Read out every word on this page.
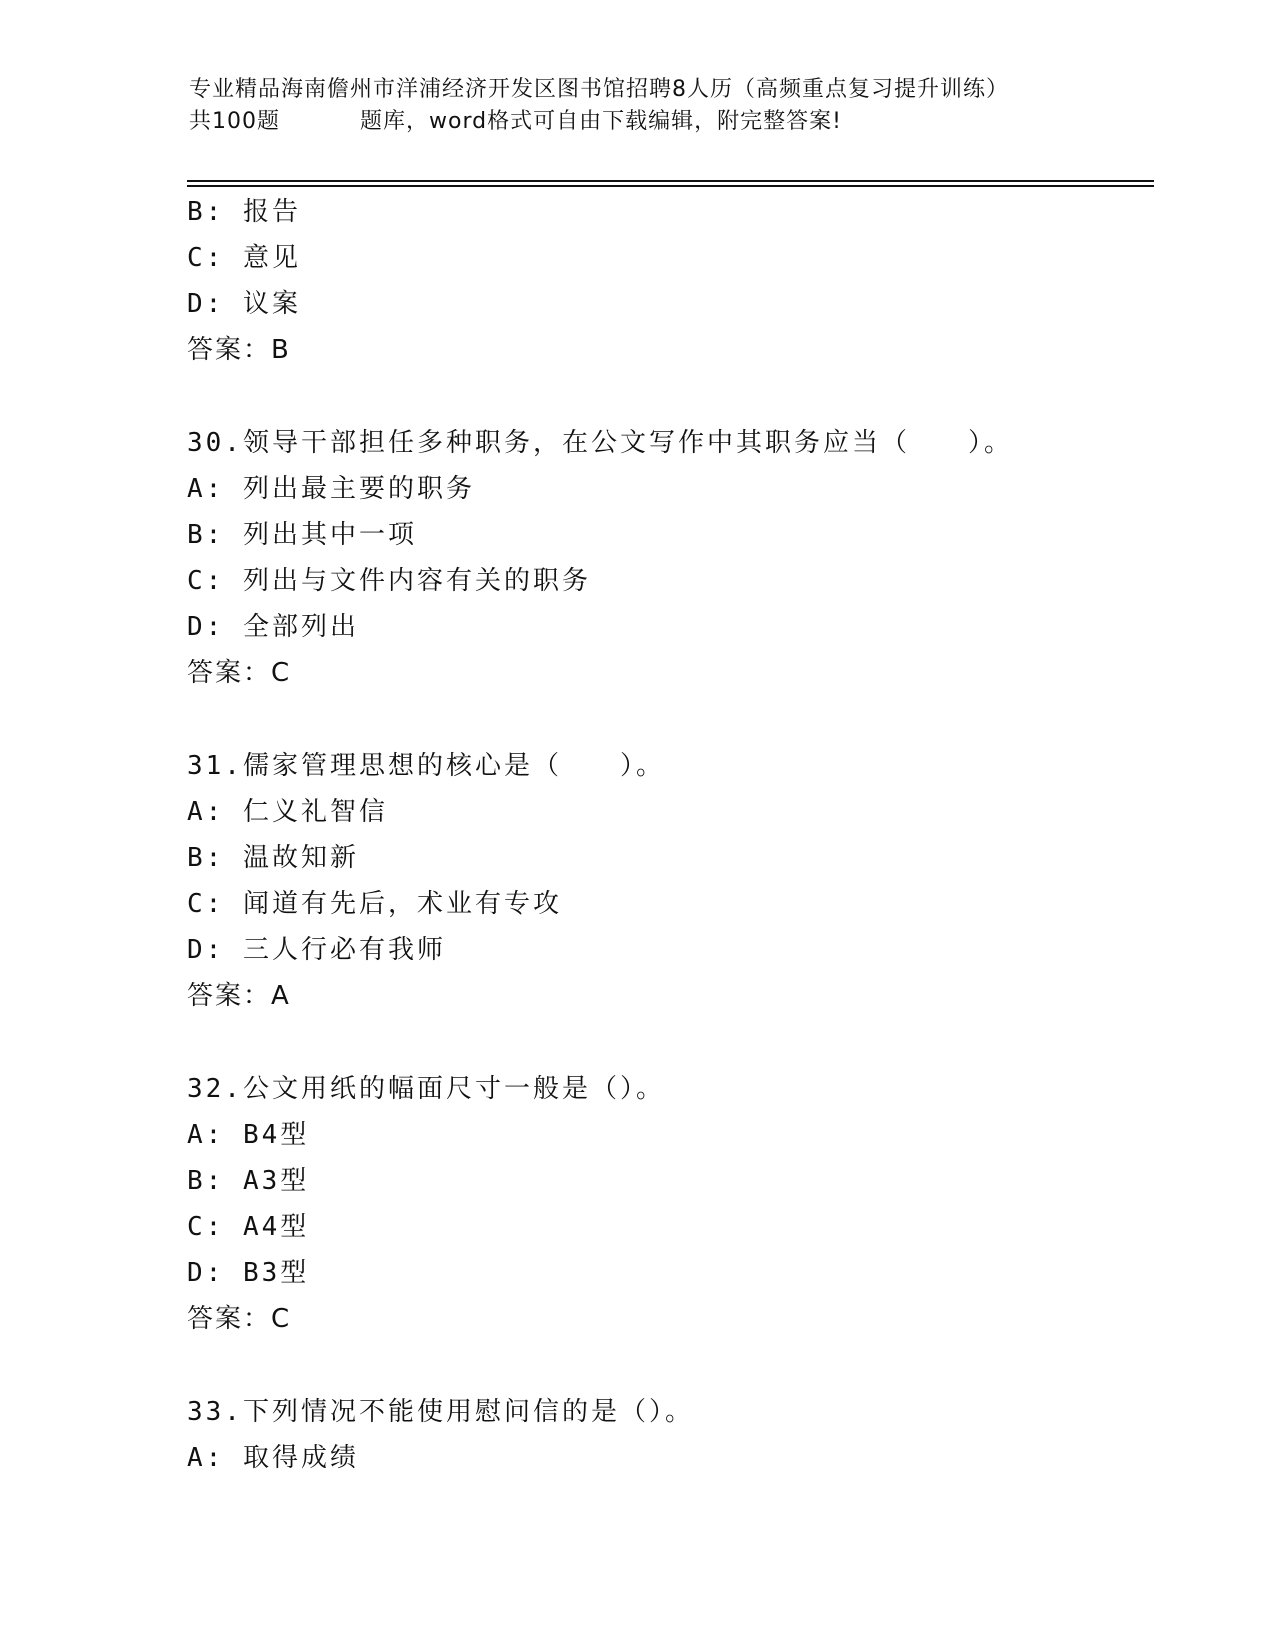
专业精品海南儋州市洋浦经济开发区图书馆招聘8人历（高频重点复习提升训练）
共100题	题库，word格式可自由下载编辑，附完整答案!
B: 报告
C: 意见
D: 议案
答案：B
30.领导干部担任多种职务，在公文写作中其职务应当（　　）。
A: 列出最主要的职务
B: 列出其中一项
C: 列出与文件内容有关的职务
D: 全部列出
答案：C
31.儒家管理思想的核心是（　　）。
A: 仁义礼智信
B: 温故知新
C: 闻道有先后，术业有专攻
D: 三人行必有我师
答案：A
32.公文用纸的幅面尺寸一般是（）。
A: B4型
B: A3型
C: A4型
D: B3型
答案：C
33.下列情况不能使用慰问信的是（）。
A: 取得成绩
